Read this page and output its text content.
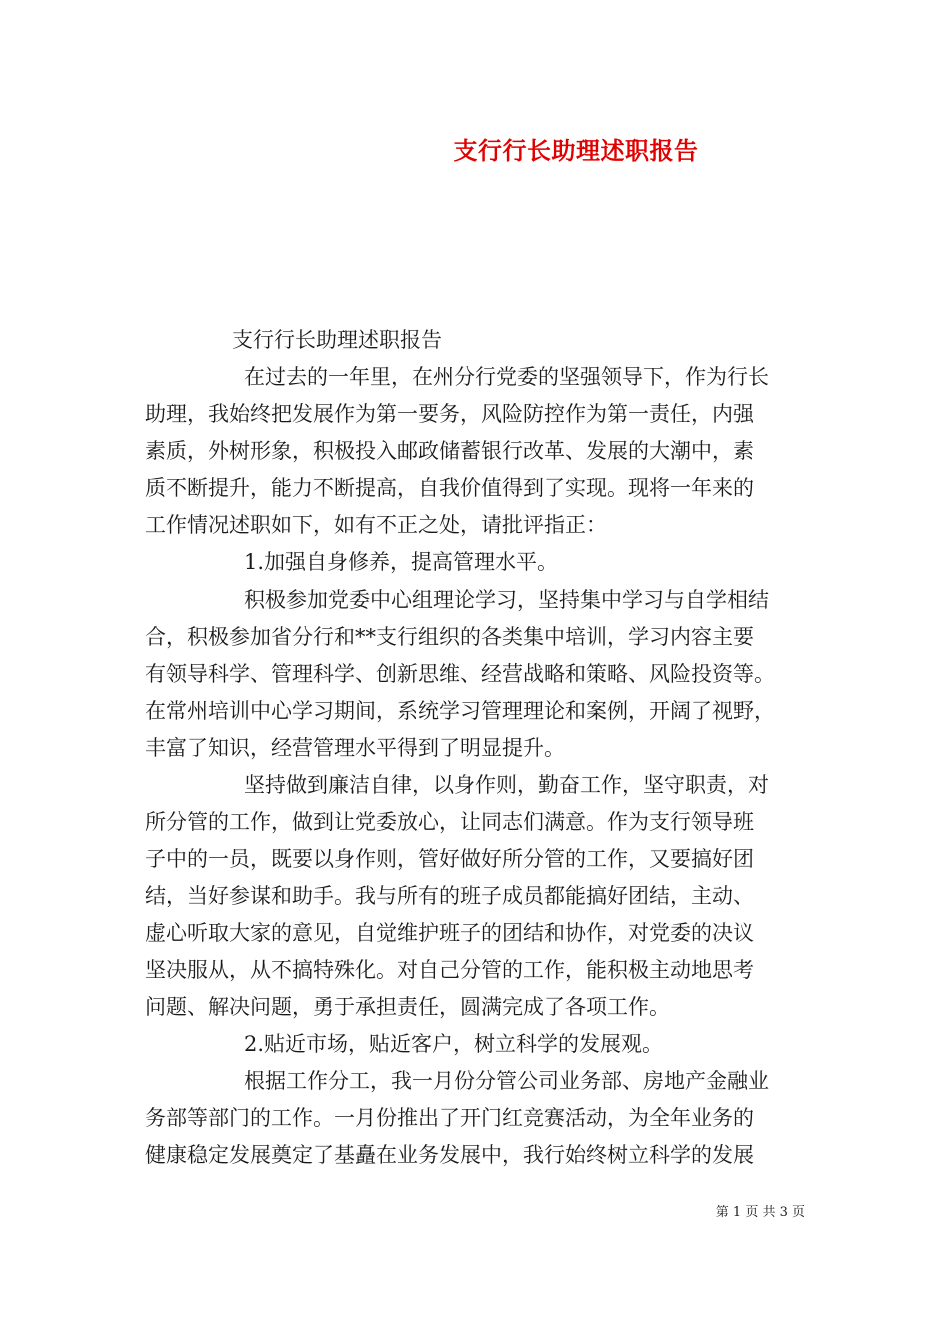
支行行长助理述职报告
支行行长助理述职报告
在过去的一年里，在州分行党委的坚强领导下，作为行长
助理，我始终把发展作为第一要务，风险防控作为第一责任，内强
素质，外树形象，积极投入邮政储蓄银行改革、发展的大潮中，素
质不断提升，能力不断提高，自我价值得到了实现。现将一年来的
工作情况述职如下，如有不正之处，请批评指正：
1.加强自身修养，提高管理水平。
积极参加党委中心组理论学习，坚持集中学习与自学相结
合，积极参加省分行和**支行组织的各类集中培训，学习内容主要
有领导科学、管理科学、创新思维、经营战略和策略、风险投资等。
在常州培训中心学习期间，系统学习管理理论和案例，开阔了视野，
丰富了知识，经营管理水平得到了明显提升。
坚持做到廉洁自律，以身作则，勤奋工作，坚守职责，对
所分管的工作，做到让党委放心，让同志们满意。作为支行领导班
子中的一员，既要以身作则，管好做好所分管的工作，又要搞好团
结，当好参谋和助手。我与所有的班子成员都能搞好团结，主动、
虚心听取大家的意见，自觉维护班子的团结和协作，对党委的决议
坚决服从，从不搞特殊化。对自己分管的工作，能积极主动地思考
问题、解决问题，勇于承担责任，圆满完成了各项工作。
2.贴近市场，贴近客户，树立科学的发展观。
根据工作分工，我一月份分管公司业务部、房地产金融业
务部等部门的工作。一月份推出了开门红竞赛活动，为全年业务的
健康稳定发展奠定了基矗在业务发展中，我行始终树立科学的发展
第 1 页 共 3 页
